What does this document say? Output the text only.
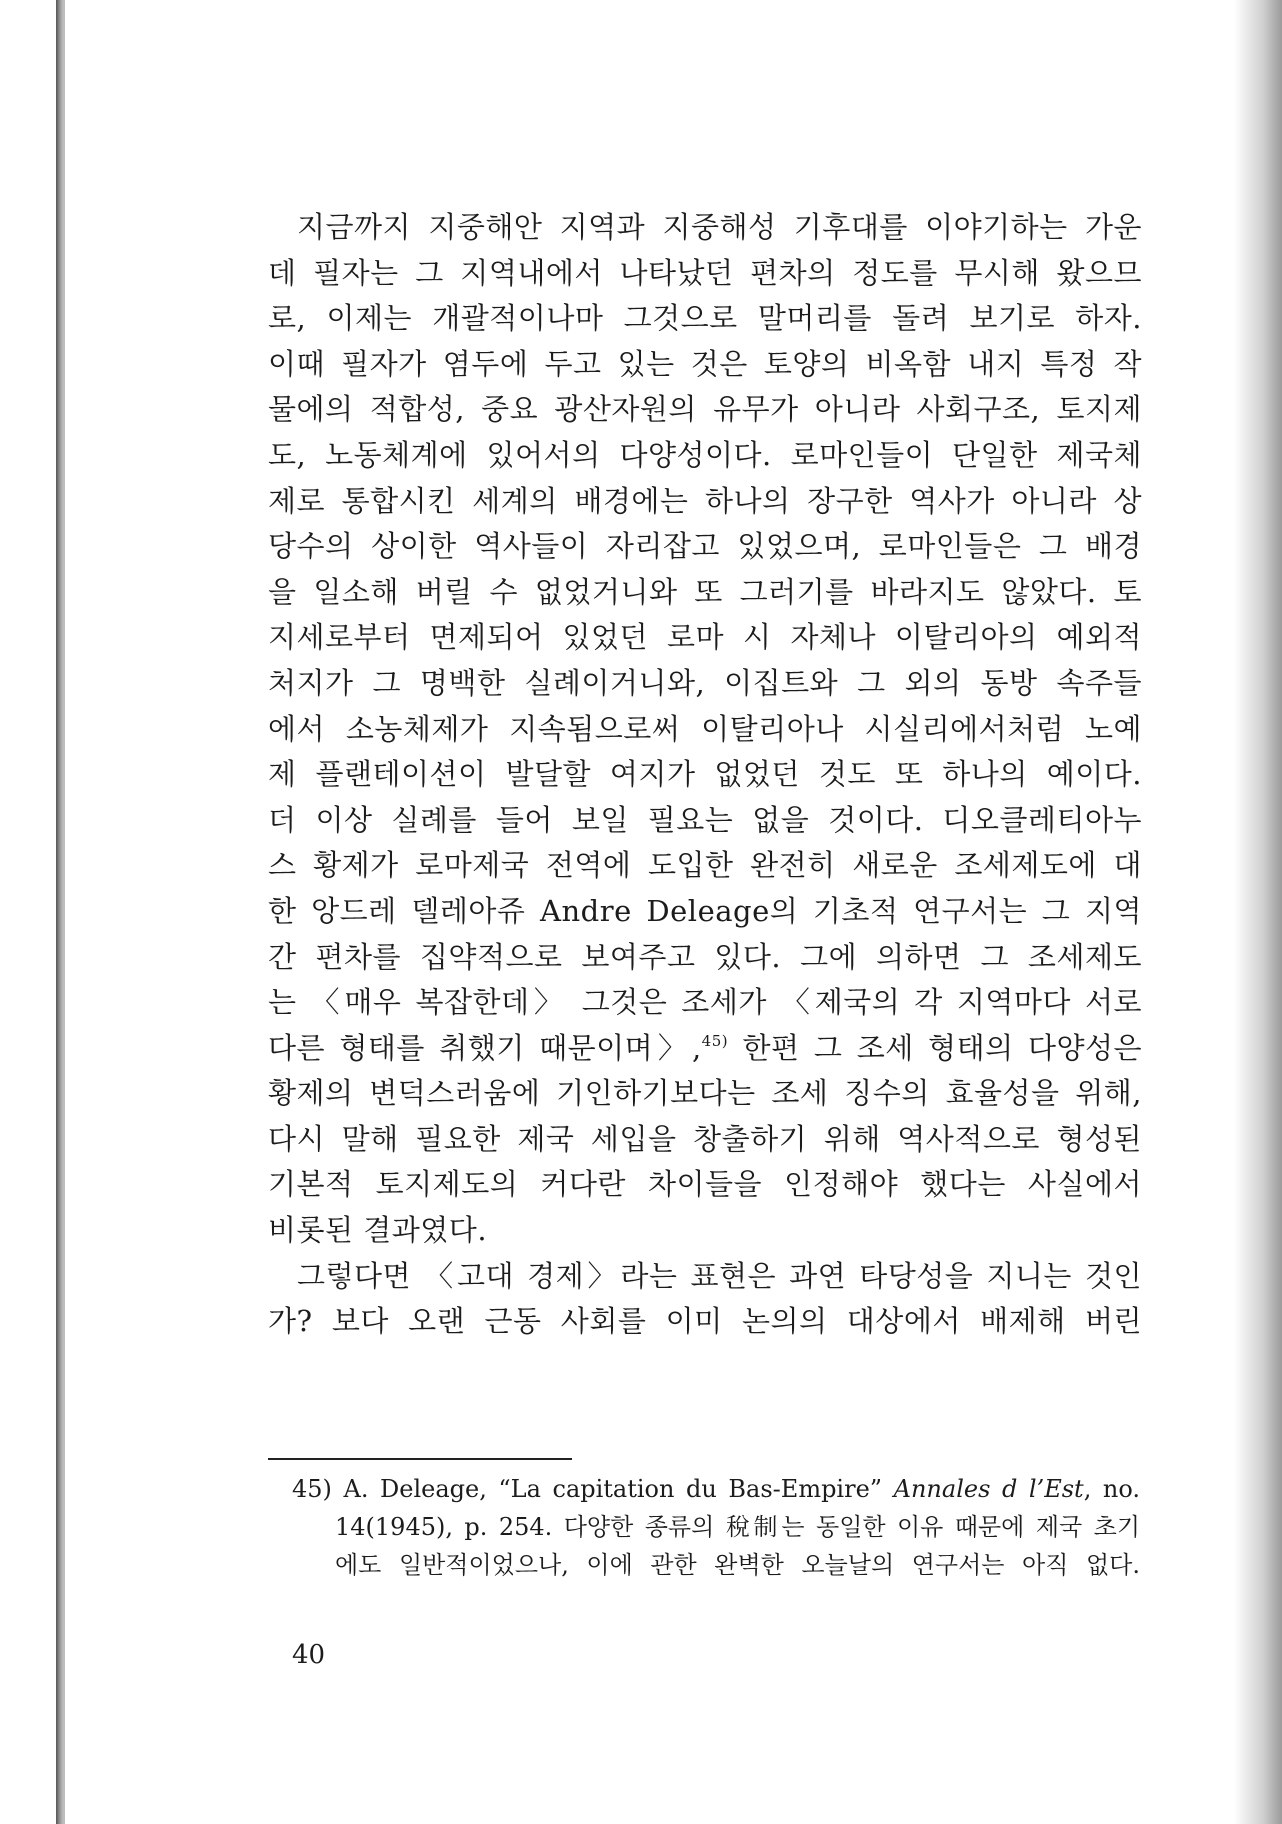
지금까지 지중해안 지역과 지중해성 기후대를 이야기하는 가운
데 필자는 그 지역내에서 나타났던 편차의 정도를 무시해 왔으므
로, 이제는 개괄적이나마 그것으로 말머리를 돌려 보기로 하자.
이때 필자가 염두에 두고 있는 것은 토양의 비옥함 내지 특정 작
물에의 적합성, 중요 광산자원의 유무가 아니라 사회구조, 토지제
도, 노동체계에 있어서의 다양성이다. 로마인들이 단일한 제국체
제로 통합시킨 세계의 배경에는 하나의 장구한 역사가 아니라 상
당수의 상이한 역사들이 자리잡고 있었으며, 로마인들은 그 배경
을 일소해 버릴 수 없었거니와 또 그러기를 바라지도 않았다. 토
지세로부터 면제되어 있었던 로마 시 자체나 이탈리아의 예외적
처지가 그 명백한 실례이거니와, 이집트와 그 외의 동방 속주들
에서 소농체제가 지속됨으로써 이탈리아나 시실리에서처럼 노예
제 플랜테이션이 발달할 여지가 없었던 것도 또 하나의 예이다.
더 이상 실례를 들어 보일 필요는 없을 것이다. 디오클레티아누
스 황제가 로마제국 전역에 도입한 완전히 새로운 조세제도에 대
한 앙드레 델레아쥬 Andre Deleage의 기초적 연구서는 그 지역
간 편차를 집약적으로 보여주고 있다. 그에 의하면 그 조세제도
는 〈매우 복잡한데〉 그것은 조세가 〈제국의 각 지역마다 서로
다른 형태를 취했기 때문이며〉,$^{45)}$ 한편 그 조세 형태의 다양성은
황제의 변덕스러움에 기인하기보다는 조세 징수의 효율성을 위해,
다시 말해 필요한 제국 세입을 창출하기 위해 역사적으로 형성된
기본적 토지제도의 커다란 차이들을 인정해야 했다는 사실에서
비롯된 결과였다.
그렇다면 〈고대 경제〉라는 표현은 과연 타당성을 지니는 것인
가? 보다 오랜 근동 사회를 이미 논의의 대상에서 배제해 버린
45) A. Deleage, “La capitation du Bas-Empire” Annales d l’Est, no.
14(1945), p. 254. 다양한 종류의 稅制는 동일한 이유 때문에 제국 초기
에도 일반적이었으나, 이에 관한 완벽한 오늘날의 연구서는 아직 없다.
40
